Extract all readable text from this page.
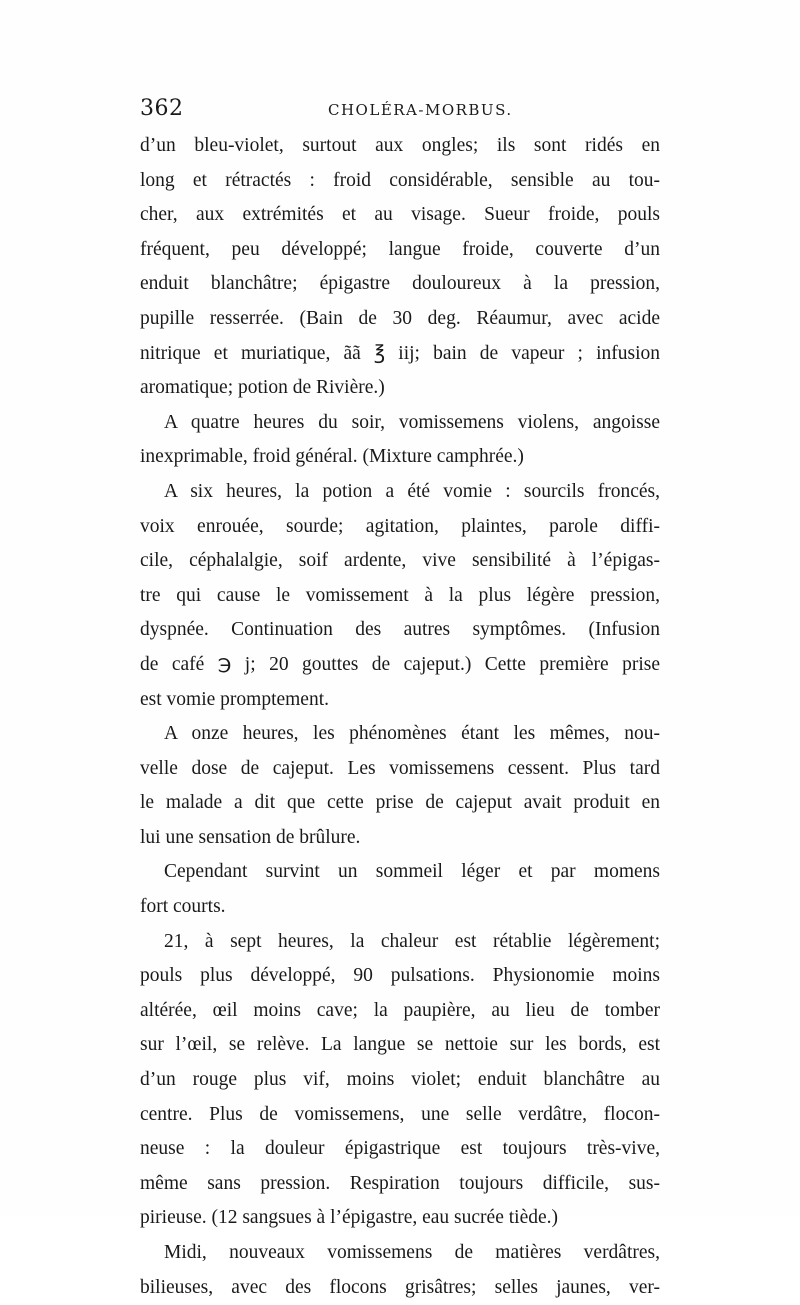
362	CHOLÉRA-MORBUS.
d’un bleu-violet, surtout aux ongles; ils sont ridés en
long et rétractés : froid considérable, sensible au tou-
cher, aux extrémités et au visage. Sueur froide, pouls
fréquent, peu développé; langue froide, couverte d’un
enduit blanchâtre; épigastre douloureux à la pression,
pupille resserrée. (Bain de 30 deg. Réaumur, avec acide
nitrique et muriatique, ãã ℥ iij; bain de vapeur ; infusion
aromatique; potion de Rivière.)
A quatre heures du soir, vomissemens violens, angoisse
inexprimable, froid général. (Mixture camphrée.)
A six heures, la potion a été vomie : sourcils froncés,
voix enrouée, sourde; agitation, plaintes, parole diffi-
cile, céphalalgie, soif ardente, vive sensibilité à l’épigas-
tre qui cause le vomissement à la plus légère pression,
dyspnée. Continuation des autres symptômes. (Infusion
de café ℈ j; 20 gouttes de cajeput.) Cette première prise
est vomie promptement.
A onze heures, les phénomènes étant les mêmes, nou-
velle dose de cajeput. Les vomissemens cessent. Plus tard
le malade a dit que cette prise de cajeput avait produit en
lui une sensation de brûlure.
Cependant survint un sommeil léger et par momens
fort courts.
21, à sept heures, la chaleur est rétablie légèrement;
pouls plus développé, 90 pulsations. Physionomie moins
altérée, œil moins cave; la paupière, au lieu de tomber
sur l’œil, se relève. La langue se nettoie sur les bords, est
d’un rouge plus vif, moins violet; enduit blanchâtre au
centre. Plus de vomissemens, une selle verdâtre, flocon-
neuse : la douleur épigastrique est toujours très-vive,
même sans pression. Respiration toujours difficile, sus-
pirieuse. (12 sangsues à l’épigastre, eau sucrée tiède.)
Midi, nouveaux vomissemens de matières verdâtres,
bilieuses, avec des flocons grisâtres; selles jaunes, ver-
